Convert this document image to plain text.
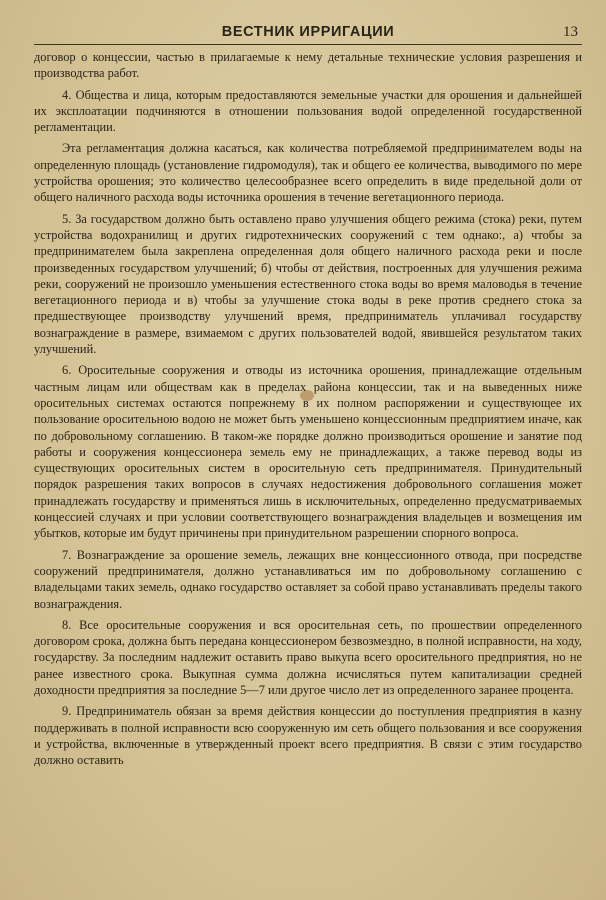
ВЕСТНИК ИРРИГАЦИИ	13

договор о концессии, частью в прилагаемые к нему детальные технические условия разрешения и производства работ.

4. Общества и лица, которым предоставляются земельные участки для орошения и дальнейшей их эксплоатации подчиняются в отношении пользования водой определенной государственной регламентации.

Эта регламентация должна касаться, как количества потребляемой предпринимателем воды на определенную площадь (установление гидромодуля), так и общего ее количества, выводимого по мере устройства орошения; это количество целесообразнее всего определить в виде предельной доли от общего наличного расхода воды источника орошения в течение вегетационного периода.

5. За государством должно быть оставлено право улучшения общего режима (стока) реки, путем устройства водохранилищ и других гидротехнических сооружений с тем однако:, а) чтобы за предпринимателем была закреплена определенная доля общего наличного расхода реки и после произведенных государством улучшений; б) чтобы от действия, построенных для улучшения режима реки, сооружений не произошло уменьшения естественного стока воды во время маловодья в течение вегетационного периода и в) чтобы за улучшение стока воды в реке против среднего стока за предшествующее производству улучшений время, предприниматель уплачивал государству вознаграждение в размере, взимаемом с других пользователей водой, явившейся результатом таких улучшений.

6. Оросительные сооружения и отводы из источника орошения, принадлежащие отдельным частным лицам или обществам как в пределах района концессии, так и на выведенных ниже оросительных системах остаются попрежнему в их полном распоряжении и существующее их пользование оросительною водою не может быть уменьшено концессионным предприятием иначе, как по добровольному соглашению. В таком-же порядке должно производиться орошение и занятие под работы и сооружения концессионера земель ему не принадлежащих, а также перевод воды из существующих оросительных систем в оросительную сеть предпринимателя. Принудительный порядок разрешения таких вопросов в случаях недостижения добровольного соглашения может принадлежать государству и применяться лишь в исключительных, определенно предусматриваемых концессией случаях и при условии соответствующего вознаграждения владельцев и возмещения им убытков, которые им будут причинены при принудительном разрешении спорного вопроса.

7. Вознаграждение за орошение земель, лежащих вне концессионного отвода, при посредстве сооружений предпринимателя, должно устанавливаться им по добровольному соглашению с владельцами таких земель, однако государство оставляет за собой право устанавливать пределы такого вознаграждения.

8. Все оросительные сооружения и вся оросительная сеть, по прошествии определенного договором срока, должна быть передана концессионером безвозмездно, в полной исправности, на ходу, государству. За последним надлежит оставить право выкупа всего оросительного предприятия, но не ранее известного срока. Выкупная сумма должна исчисляться путем капитализации средней доходности предприятия за последние 5—7 или другое число лет из определенного заранее процента.

9. Предприниматель обязан за время действия концессии до поступления предприятия в казну поддерживать в полной исправности всю сооруженную им сеть общего пользования и все сооружения и устройства, включенные в утвержденный проект всего предприятия. В связи с этим государство должно оставить
